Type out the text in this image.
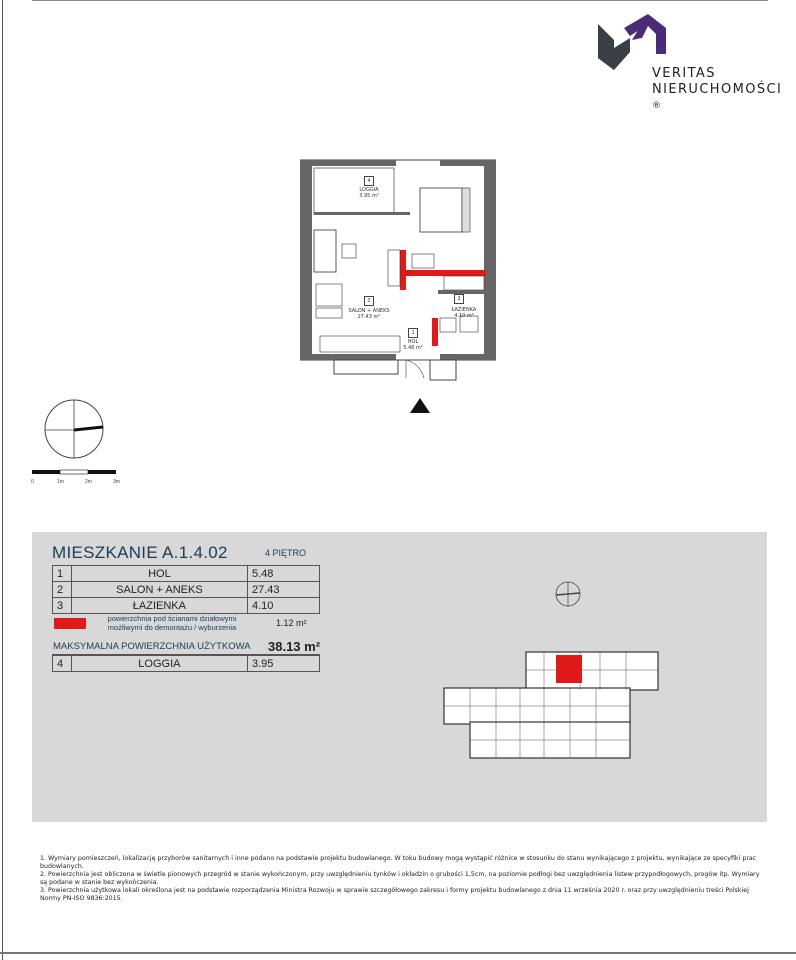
VERITAS
NIERUCHOMOŚCI ®
4
LOGGIA
3.95 m²
2
SALON + ANEKS
27.43 m²
3
ŁAZIENKA
4.10 m²
1
HOL
5.48 m²
0	1m	2m	3m
MIESZKANIE A.1.4.02	4 PIĘTRO
1	HOL	5.48
2	SALON + ANEKS	27.43
3	ŁAZIENKA	4.10
powierzchnia pod ścianami działowymi możliwymi do demontażu / wyburzenia	1.12 m²
MAKSYMALNA POWIERZCHNIA UŻYTKOWA 38.13 m²
4	LOGGIA	3.95
1. Wymiary pomieszczeń, lokalizację przyborów sanitarnych i inne podano na podstawie projektu budowlanego. W toku budowy mogą wystąpić różnice w stosunku do stanu wynikającego z projektu, wynikające ze specyfiki prac budowlanych.
2. Powierzchnia jest obliczona w świetle pionowych przegród w stanie wykończonym, przy uwzględnieniu tynków i okładzin o grubości 1,5cm, na poziomie podłogi bez uwzględnienia listew przypodłogowych, progów itp. Wymiary są podane w stanie bez wykończenia.
3. Powierzchnia użytkowa lokali określona jest na podstawie rozporządzenia Ministra Rozwoju w sprawie szczegółowego zakresu i formy projektu budowlanego z dnia 11 września 2020 r. oraz przy uwzględnieniu treści Polskiej Normy PN-ISO 9836:2015.
